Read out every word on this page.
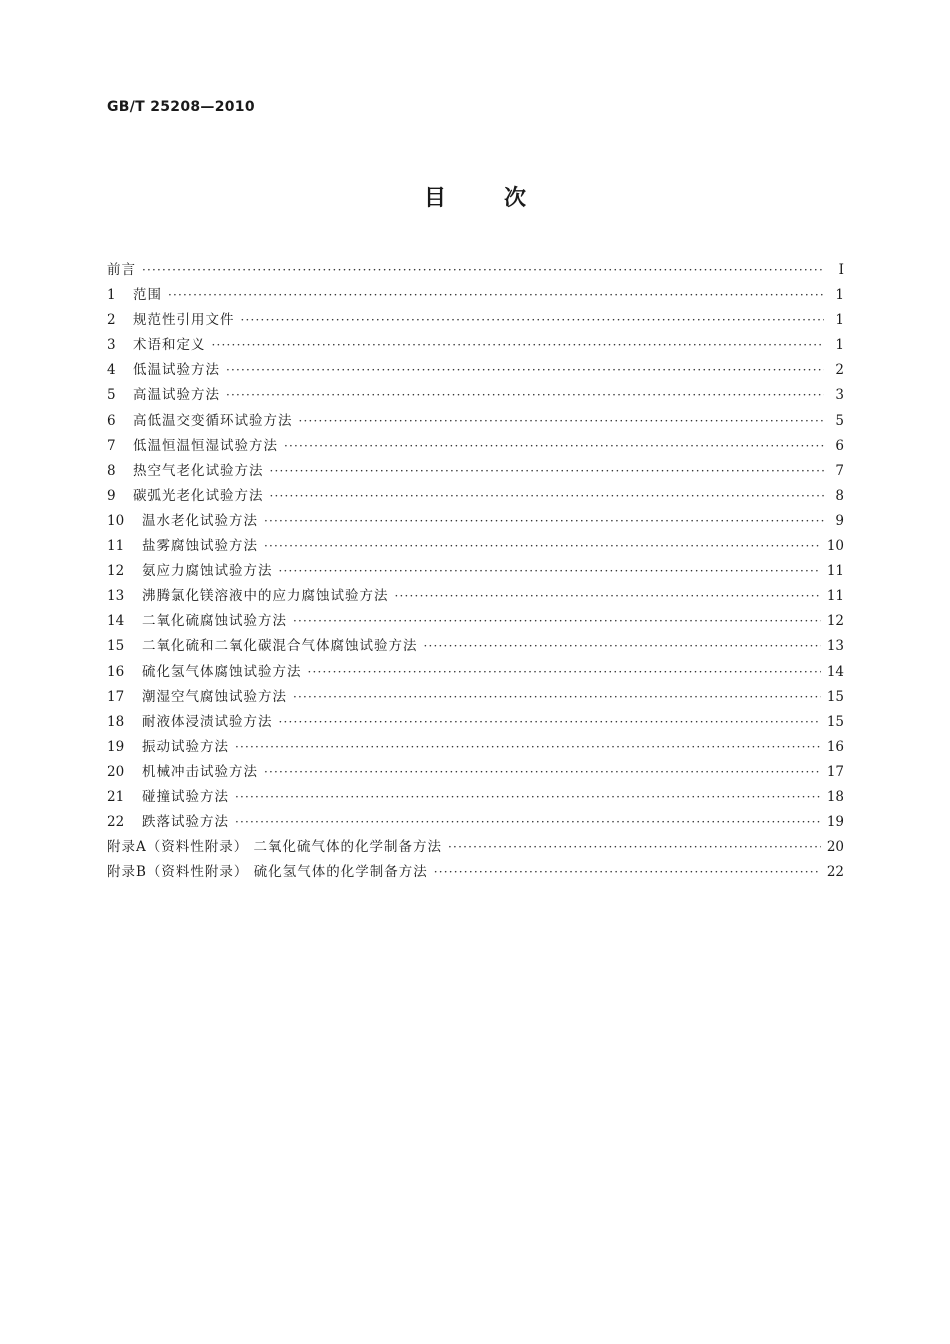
GB/T 25208—2010
目次
前言 ·····	Ⅰ
1	范围 ·····	1
2	规范性引用文件 ·····	1
3	术语和定义 ·····	1
4	低温试验方法 ·····	2
5	高温试验方法 ·····	3
6	高低温交变循环试验方法 ·····	5
7	低温恒温恒湿试验方法 ·····	6
8	热空气老化试验方法 ·····	7
9	碳弧光老化试验方法 ·····	8
10	温水老化试验方法 ·····	9
11	盐雾腐蚀试验方法 ·····	10
12	氨应力腐蚀试验方法 ·····	11
13	沸腾氯化镁溶液中的应力腐蚀试验方法 ·····	11
14	二氧化硫腐蚀试验方法 ·····	12
15	二氧化硫和二氧化碳混合气体腐蚀试验方法 ·····	13
16	硫化氢气体腐蚀试验方法 ·····	14
17	潮湿空气腐蚀试验方法 ·····	15
18	耐液体浸渍试验方法 ·····	15
19	振动试验方法 ·····	16
20	机械冲击试验方法 ·····	17
21	碰撞试验方法 ·····	18
22	跌落试验方法 ·····	19
附录A（资料性附录） 二氧化硫气体的化学制备方法 ·····	20
附录B（资料性附录） 硫化氢气体的化学制备方法 ·····	22
